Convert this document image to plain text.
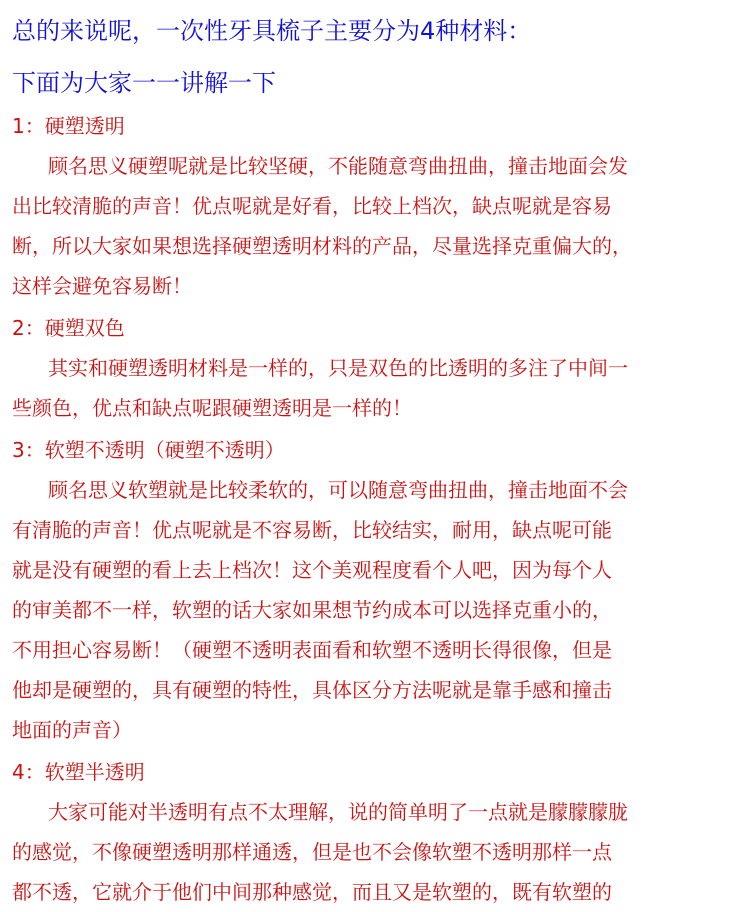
总的来说呢，一次性牙具梳子主要分为4种材料：

下面为大家一一讲解一下

1：硬塑透明

顾名思义硬塑呢就是比较坚硬，不能随意弯曲扭曲，撞击地面会发
出比较清脆的声音！优点呢就是好看，比较上档次，缺点呢就是容易
断，所以大家如果想选择硬塑透明材料的产品，尽量选择克重偏大的，
这样会避免容易断！

2：硬塑双色

其实和硬塑透明材料是一样的，只是双色的比透明的多注了中间一
些颜色，优点和缺点呢跟硬塑透明是一样的！

3：软塑不透明（硬塑不透明）

顾名思义软塑就是比较柔软的，可以随意弯曲扭曲，撞击地面不会
有清脆的声音！优点呢就是不容易断，比较结实，耐用，缺点呢可能
就是没有硬塑的看上去上档次！这个美观程度看个人吧，因为每个人
的审美都不一样，软塑的话大家如果想节约成本可以选择克重小的，
不用担心容易断！（硬塑不透明表面看和软塑不透明长得很像，但是
他却是硬塑的，具有硬塑的特性，具体区分方法呢就是靠手感和撞击
地面的声音）

4：软塑半透明

大家可能对半透明有点不太理解，说的简单明了一点就是朦朦朦胧
的感觉，不像硬塑透明那样通透，但是也不会像软塑不透明那样一点
都不透，它就介于他们中间那种感觉，而且又是软塑的，既有软塑的
